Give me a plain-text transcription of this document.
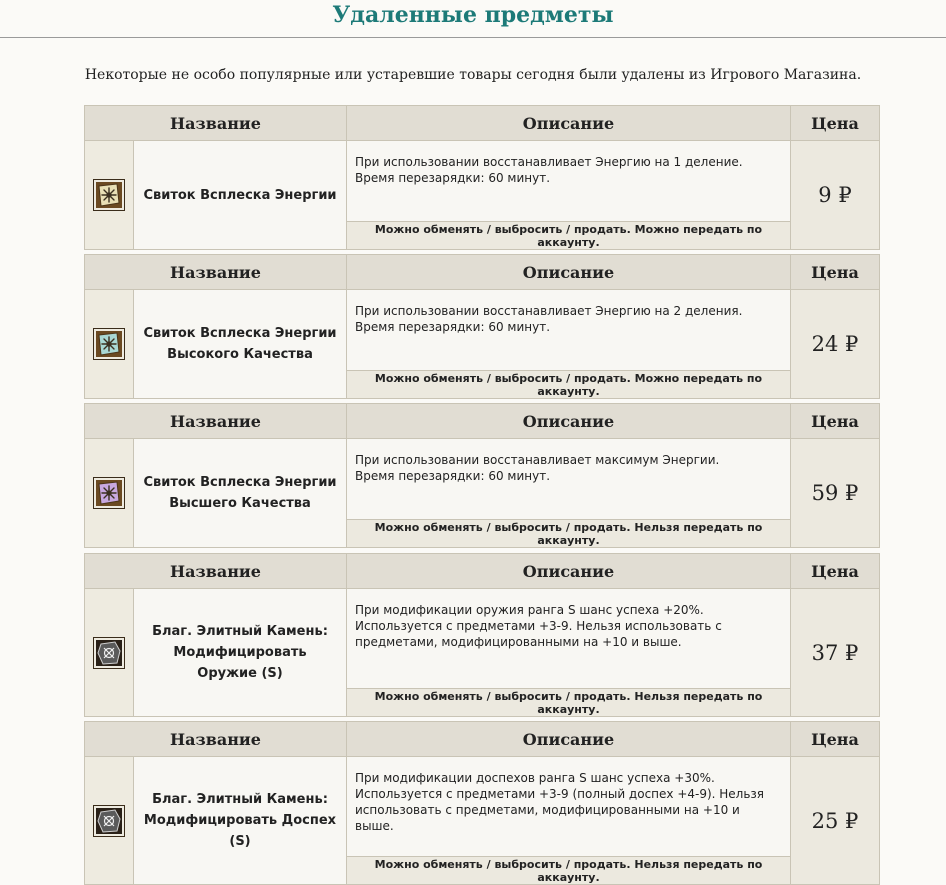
Удаленные предметы

Некоторые не особо популярные или устаревшие товары сегодня были удалены из Игрового Магазина.

Название		Описание	Цена

	Свиток Всплеска Энергии	При использовании восстанавливает Энергию на 1 деление.
Время перезарядки: 60 минут.	9 ₽
		Можно обменять / выбросить / продать. Можно передать по аккаунту.	
Название		Описание	Цена

	Свиток Всплеска Энергии Высокого Качества	При использовании восстанавливает Энергию на 2 деления.
Время перезарядки: 60 минут.	24 ₽
		Можно обменять / выбросить / продать. Можно передать по аккаунту.	
Название		Описание	Цена

	Свиток Всплеска Энергии Высшего Качества	При использовании восстанавливает максимум Энергии.
Время перезарядки: 60 минут.	59 ₽
		Можно обменять / выбросить / продать. Нельзя передать по аккаунту.	
Название		Описание	Цена

	Благ. Элитный Камень: Модифицировать Оружие (S)	При модификации оружия ранга S шанс успеха +20%.
Используется с предметами +3-9. Нельзя использовать с
предметами, модифицированными на +10 и выше.	37 ₽
		Можно обменять / выбросить / продать. Нельзя передать по аккаунту.	
Название		Описание	Цена

	Благ. Элитный Камень: Модифицировать Доспех (S)	При модификации доспехов ранга S шанс успеха +30%.
Используется с предметами +3-9 (полный доспех +4-9). Нельзя
использовать с предметами, модифицированными на +10 и выше.	25 ₽
		Можно обменять / выбросить / продать. Нельзя передать по аккаунту.	
